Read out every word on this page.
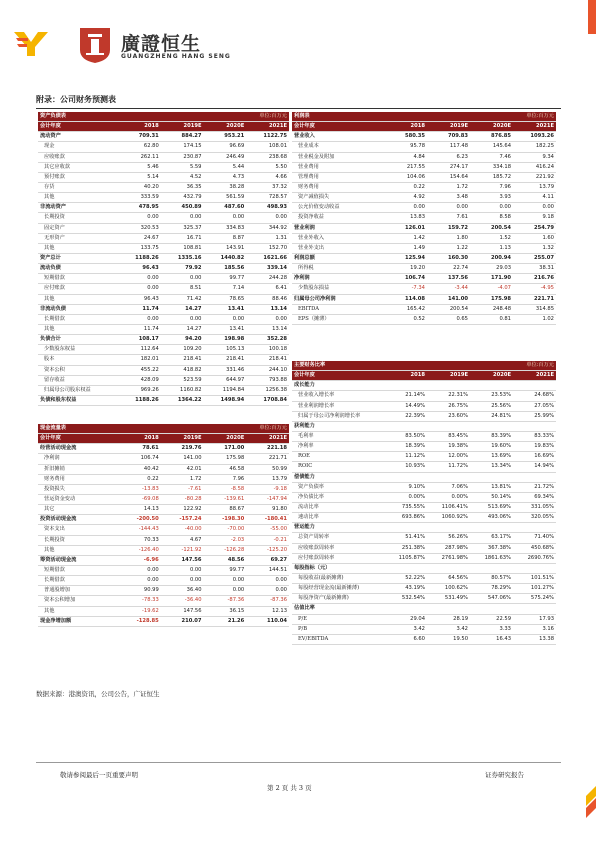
廣證恒生
GUANGZHENG HANG SENG
附录：公司财务预测表
资产负债表	单位:百万元			
会计年度	2018	2019E	2020E	2021E
流动资产	709.31	884.27	953.21	1122.75
现金	62.80	174.15	96.69	108.01
应收账款	262.11	230.87	246.49	238.68
其它应收款	5.46	5.59	5.44	5.50
预付账款	5.14	4.52	4.73	4.66
存货	40.20	36.35	38.28	37.32
其他	333.59	432.79	561.59	728.57
非流动资产	478.95	450.89	487.60	498.93
长期投资	0.00	0.00	0.00	0.00
固定资产	320.53	325.37	334.83	344.92
无形资产	24.67	16.71	8.87	1.31
其他	133.75	108.81	143.91	152.70
资产总计	1188.26	1335.16	1440.82	1621.66
流动负债	96.43	79.92	185.56	339.14
短期借款	0.00	0.00	99.77	244.28
应付账款	0.00	8.51	7.14	6.41
其他	96.43	71.42	78.65	88.46
非流动负债	11.74	14.27	13.41	13.14
长期借款	0.00	0.00	0.00	0.00
其他	11.74	14.27	13.41	13.14
负债合计	108.17	94.20	198.98	352.28
少数股东权益	112.64	109.20	105.13	100.18
股本	182.01	218.41	218.41	218.41
资本公积	455.22	418.82	331.46	244.10
留存收益	428.09	523.59	644.97	793.88
归属母公司股东权益	969.26	1160.82	1194.84	1256.38
负债和股东权益	1188.26	1364.22	1498.94	1708.84
利润表	单位:百万元			
会计年度	2018	2019E	2020E	2021E
营业收入	580.35	709.83	876.85	1093.26
营业成本	95.78	117.48	145.64	182.25
营业税金及附加	4.84	6.23	7.46	9.34
营业费用	217.55	274.17	334.18	416.24
管理费用	104.06	154.64	185.72	221.92
财务费用	0.22	1.72	7.96	13.79
资产减值损失	4.92	3.48	3.93	4.11
公允价值变动收益	0.00	0.00	0.00	0.00
投资净收益	13.83	7.61	8.58	9.18
营业利润	126.01	159.72	200.54	254.79
营业外收入	1.42	1.80	1.52	1.60
营业外支出	1.49	1.22	1.13	1.32
利润总额	125.94	160.30	200.94	255.07
所得税	19.20	22.74	29.03	38.31
净利润	106.74	137.56	171.90	216.76
少数股东损益	-7.34	-3.44	-4.07	-4.95
归属母公司净利润	114.08	141.00	175.98	221.71
EBITDA	165.42	200.54	248.48	314.85
EPS（摊薄）	0.52	0.65	0.81	1.02
主要财务比率	单位:百万元			
会计年度	2018	2019E	2020E	2021E
成长能力				
营业收入增长率	21.14%	22.31%	23.53%	24.68%
营业利润增长率	14.49%	26.75%	25.56%	27.05%
归属于母公司净利润增长率	22.39%	23.60%	24.81%	25.99%
获利能力				
毛利率	83.50%	83.45%	83.39%	83.33%
净利率	18.39%	19.38%	19.60%	19.83%
ROE	11.12%	12.00%	13.69%	16.69%
ROIC	10.93%	11.72%	13.34%	14.94%
偿债能力				
资产负债率	9.10%	7.06%	13.81%	21.72%
净负债比率	0.00%	0.00%	50.14%	69.34%
流动比率	735.55%	1106.41%	513.69%	331.05%
速动比率	693.86%	1060.92%	493.06%	320.05%
营运能力				
总资产周转率	51.41%	56.26%	63.17%	71.40%
应收账款周转率	251.38%	287.98%	367.38%	450.68%
应付账款周转率	1105.87%	2761.98%	1861.63%	2690.76%
每股指标（元）				
每股收益(最新摊薄)	52.22%	64.56%	80.57%	101.51%
每股经营现金流(最新摊薄)	43.19%	100.62%	78.29%	101.27%
每股净资产(最新摊薄)	532.54%	531.49%	547.06%	575.24%
估值比率				
P/E	29.04	28.19	22.59	17.93
P/B	3.42	3.42	3.33	3.16
EV/EBITDA	6.60	19.50	16.43	13.38
现金流量表	单位:百万元			
会计年度	2018	2019E	2020E	2021E
经营活动现金流	78.61	219.76	171.00	221.18
净利润	106.74	141.00	175.98	221.71
折旧摊销	40.42	42.01	46.58	50.99
财务费用	0.22	1.72	7.96	13.79
投资损失	-13.83	-7.61	-8.58	-9.18
营运资金变动	-69.08	-80.28	-139.61	-147.94
其它	14.13	122.92	88.67	91.80
投资活动现金流	-200.50	-157.24	-198.30	-180.41
资本支出	-144.43	-40.00	-70.00	-55.00
长期投资	70.33	4.67	-2.03	-0.21
其他	-126.40	-121.92	-126.28	-125.20
筹资活动现金流	-6.96	147.56	48.56	69.27
短期借款	0.00	0.00	99.77	144.51
长期借款	0.00	0.00	0.00	0.00
普通股增加	90.99	36.40	0.00	0.00
资本公积增加	-78.33	-36.40	-87.36	-87.36
其他	-19.62	147.56	36.15	12.13
现金净增加额	-128.85	210.07	21.26	110.04
数据来源：港澳资讯，公司公告，广证恒生
敬请参阅最后一页重要声明	证券研究报告
第 2 页 共 3 页
